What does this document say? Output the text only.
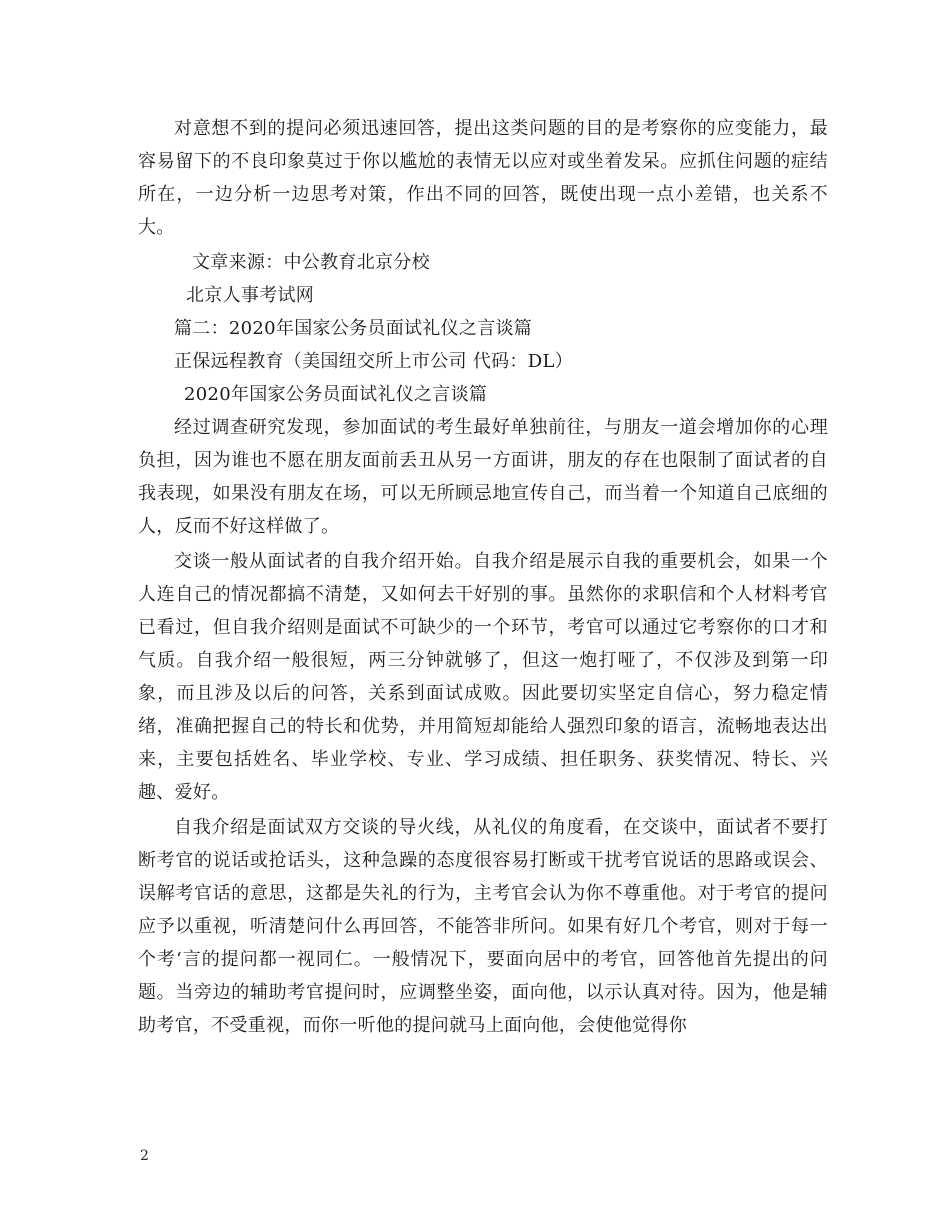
对意想不到的提问必须迅速回答，提出这类问题的目的是考察你的应变能力，最容易留下的不良印象莫过于你以尴尬的表情无以应对或坐着发呆。应抓住问题的症结所在，一边分析一边思考对策，作出不同的回答，既使出现一点小差错，也关系不大。

文章来源：中公教育北京分校

北京人事考试网

篇二：2020年国家公务员面试礼仪之言谈篇

正保远程教育（美国纽交所上市公司 代码：DL）

2020年国家公务员面试礼仪之言谈篇

经过调查研究发现，参加面试的考生最好单独前往，与朋友一道会增加你的心理负担，因为谁也不愿在朋友面前丢丑从另一方面讲，朋友的存在也限制了面试者的自我表现，如果没有朋友在场，可以无所顾忌地宣传自己，而当着一个知道自己底细的人，反而不好这样做了。

交谈一般从面试者的自我介绍开始。自我介绍是展示自我的重要机会，如果一个人连自己的情况都搞不清楚，又如何去干好别的事。虽然你的求职信和个人材料考官已看过，但自我介绍则是面试不可缺少的一个环节，考官可以通过它考察你的口才和气质。自我介绍一般很短，两三分钟就够了，但这一炮打哑了，不仅涉及到第一印象，而且涉及以后的问答，关系到面试成败。因此要切实坚定自信心，努力稳定情绪，准确把握自己的特长和优势，并用简短却能给人强烈印象的语言，流畅地表达出来，主要包括姓名、毕业学校、专业、学习成绩、担任职务、获奖情况、特长、兴趣、爱好。

自我介绍是面试双方交谈的导火线，从礼仪的角度看，在交谈中，面试者不要打断考官的说话或抢话头，这种急躁的态度很容易打断或干扰考官说话的思路或误会、误解考官话的意思，这都是失礼的行为，主考官会认为你不尊重他。对于考官的提问应予以重视，听清楚问什么再回答，不能答非所问。如果有好几个考官，则对于每一个考‘言的提问都一视同仁。一般情况下，要面向居中的考官，回答他首先提出的问题。当旁边的辅助考官提问时，应调整坐姿，面向他，以示认真对待。因为，他是辅助考官，不受重视，而你一听他的提问就马上面向他，会使他觉得你

2
